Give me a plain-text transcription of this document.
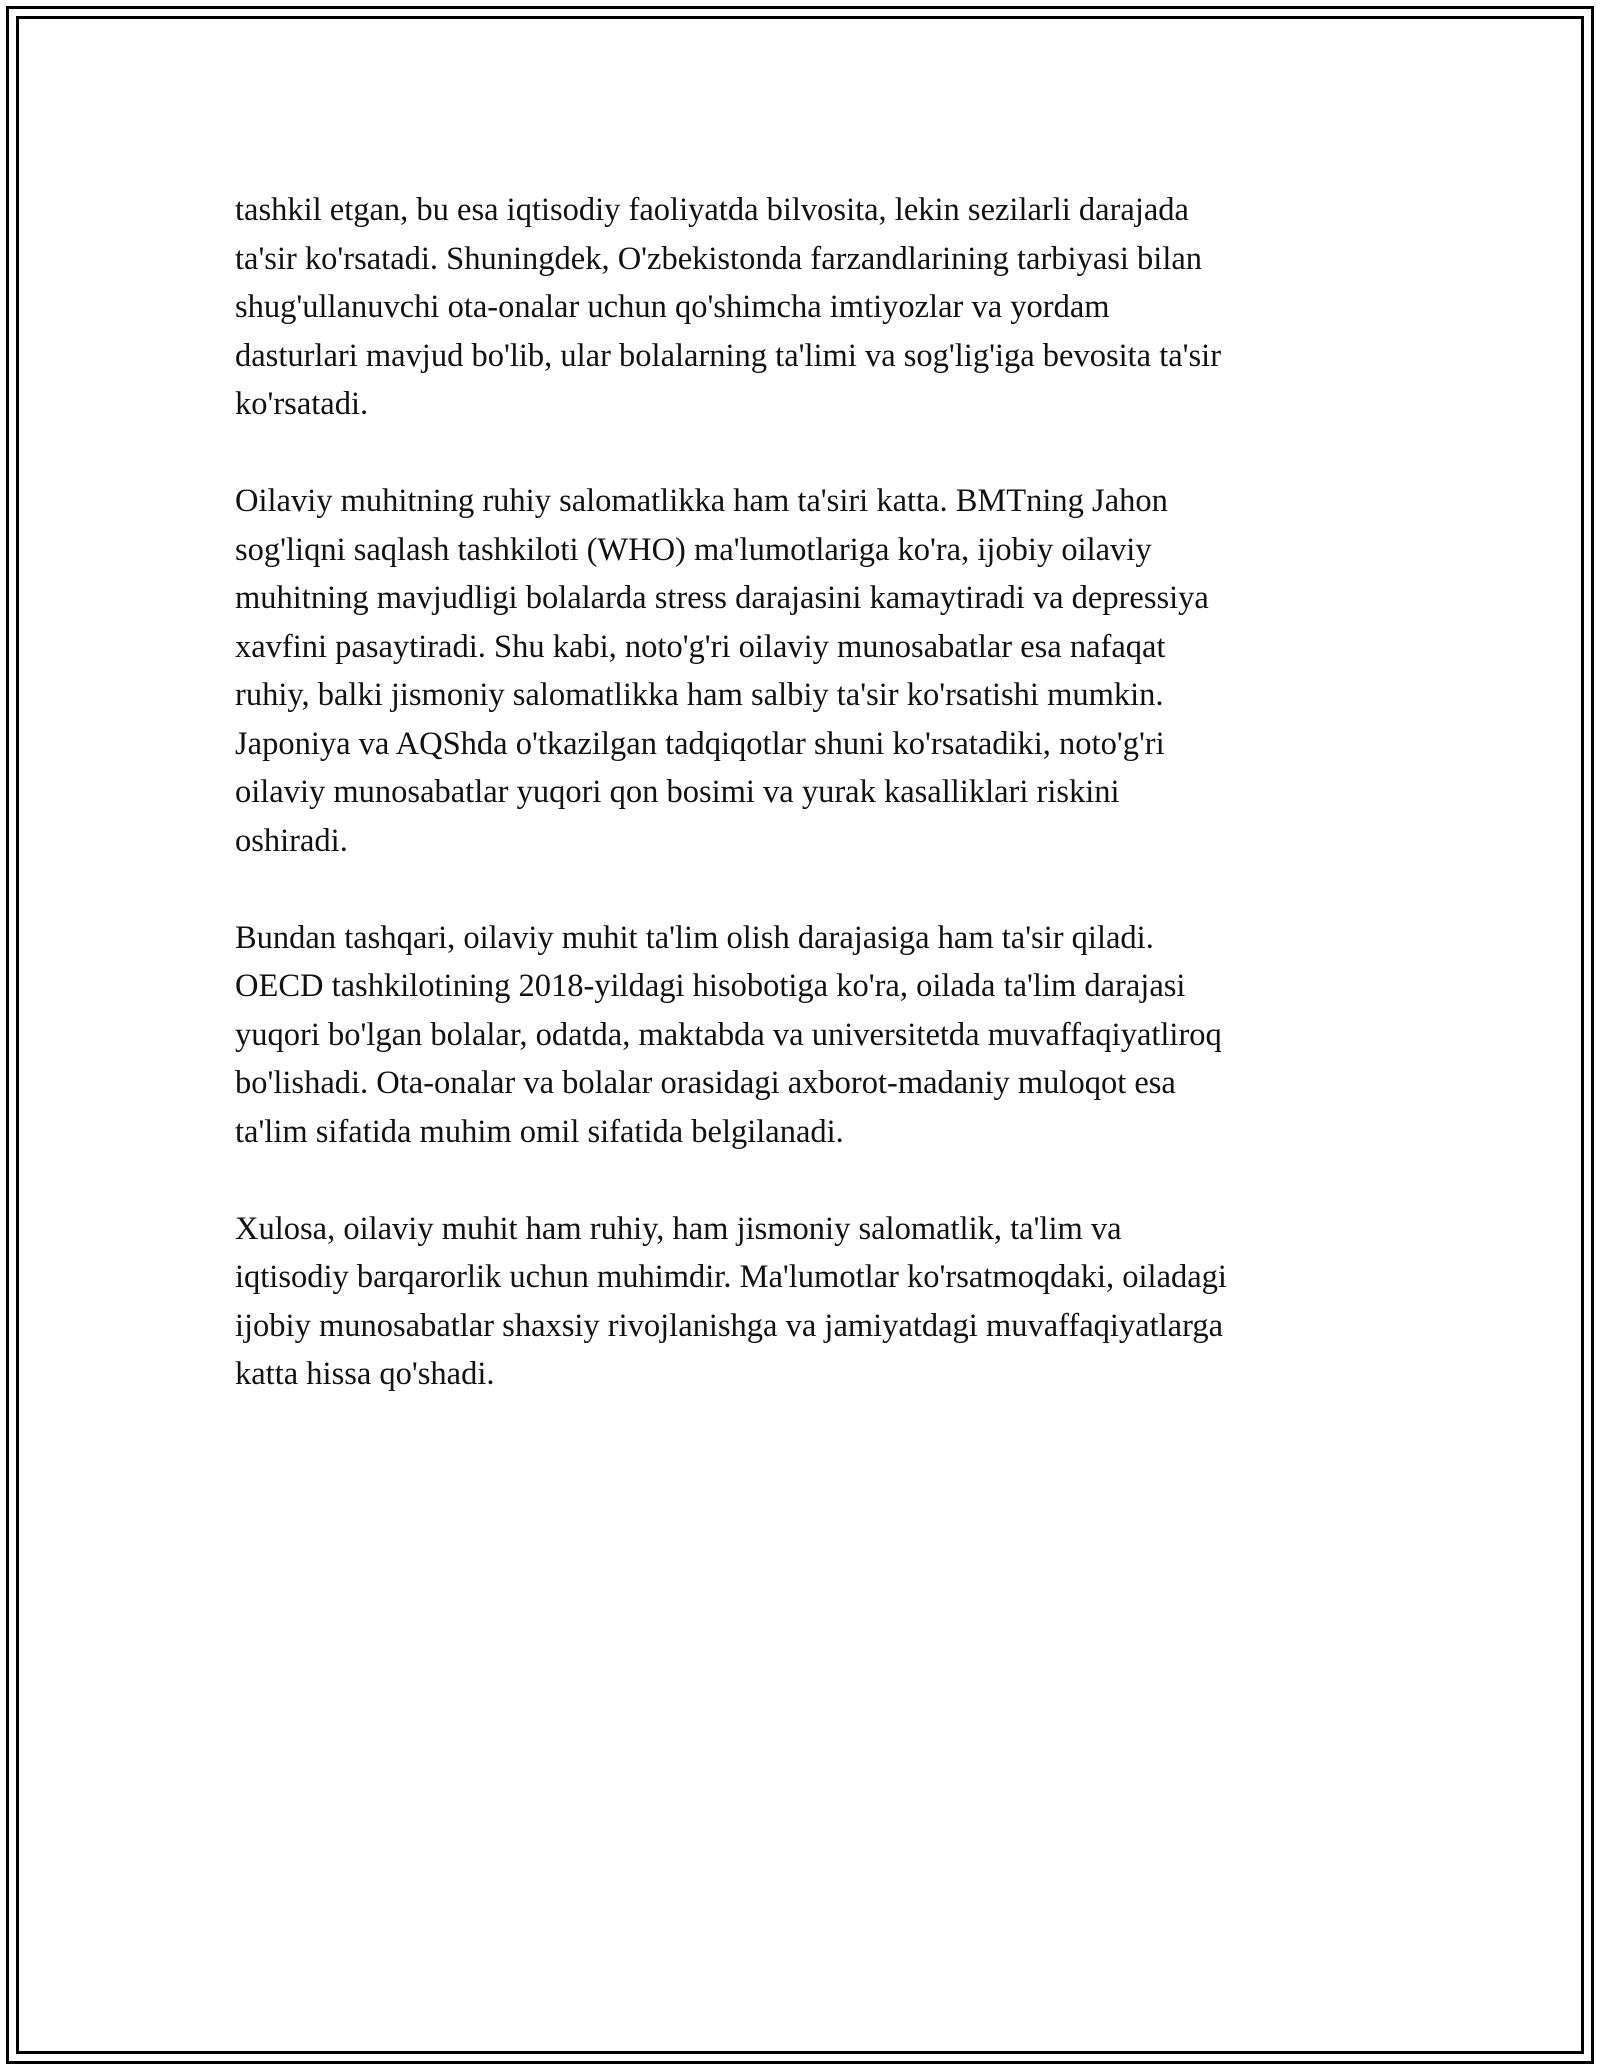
tashkil etgan, bu esa iqtisodiy faoliyatda bilvosita, lekin sezilarli darajada
ta'sir ko'rsatadi. Shuningdek, O'zbekistonda farzandlarining tarbiyasi bilan
shug'ullanuvchi ota-onalar uchun qo'shimcha imtiyozlar va yordam
dasturlari mavjud bo'lib, ular bolalarning ta'limi va sog'lig'iga bevosita ta'sir
ko'rsatadi.

Oilaviy muhitning ruhiy salomatlikka ham ta'siri katta. BMTning Jahon
sog'liqni saqlash tashkiloti (WHO) ma'lumotlariga ko'ra, ijobiy oilaviy
muhitning mavjudligi bolalarda stress darajasini kamaytiradi va depressiya
xavfini pasaytiradi. Shu kabi, noto'g'ri oilaviy munosabatlar esa nafaqat
ruhiy, balki jismoniy salomatlikka ham salbiy ta'sir ko'rsatishi mumkin.
Japoniya va AQShda o'tkazilgan tadqiqotlar shuni ko'rsatadiki, noto'g'ri
oilaviy munosabatlar yuqori qon bosimi va yurak kasalliklari riskini
oshiradi.

Bundan tashqari, oilaviy muhit ta'lim olish darajasiga ham ta'sir qiladi.
OECD tashkilotining 2018-yildagi hisobotiga ko'ra, oilada ta'lim darajasi
yuqori bo'lgan bolalar, odatda, maktabda va universitetda muvaffaqiyatliroq
bo'lishadi. Ota-onalar va bolalar orasidagi axborot-madaniy muloqot esa
ta'lim sifatida muhim omil sifatida belgilanadi.

Xulosa, oilaviy muhit ham ruhiy, ham jismoniy salomatlik, ta'lim va
iqtisodiy barqarorlik uchun muhimdir. Ma'lumotlar ko'rsatmoqdaki, oiladagi
ijobiy munosabatlar shaxsiy rivojlanishga va jamiyatdagi muvaffaqiyatlarga
katta hissa qo'shadi.
